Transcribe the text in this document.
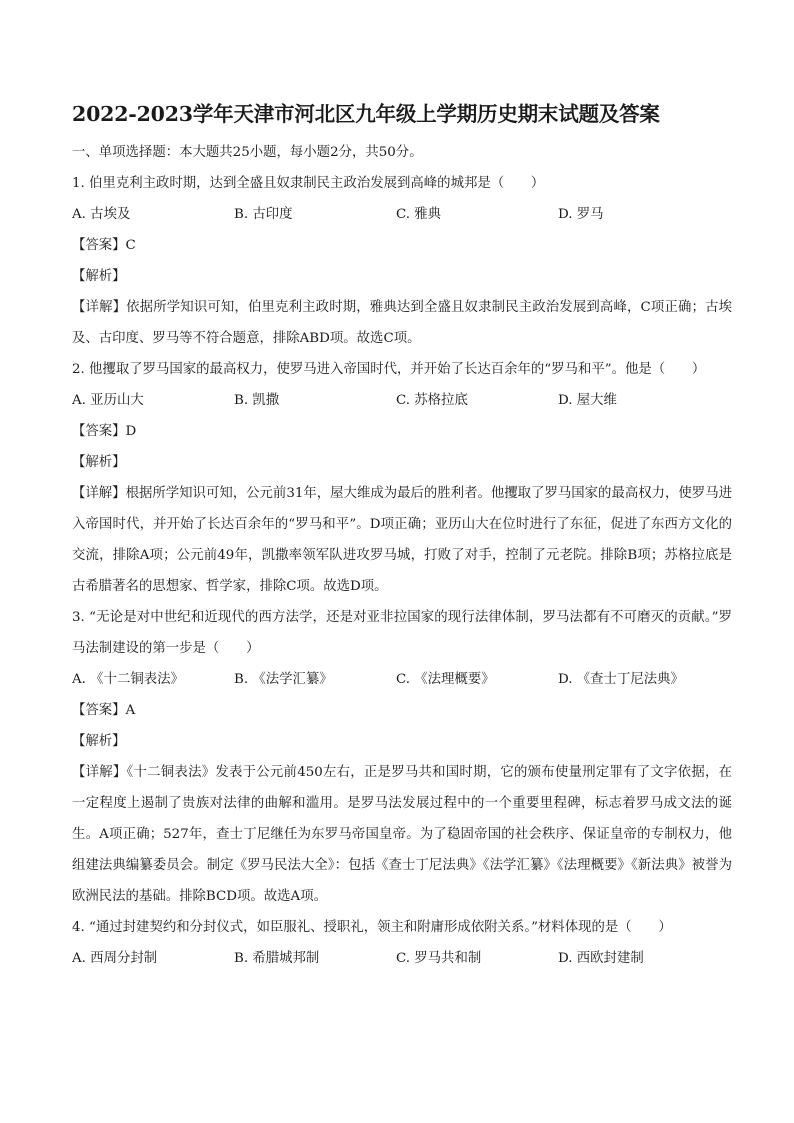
2022-2023学年天津市河北区九年级上学期历史期末试题及答案
一、单项选择题：本大题共25小题，每小题2分，共50分。
1. 伯里克利主政时期，达到全盛且奴隶制民主政治发展到高峰的城邦是（　　）
A. 古埃及	B. 古印度	C. 雅典	D. 罗马
【答案】C
【解析】
【详解】依据所学知识可知，伯里克利主政时期，雅典达到全盛且奴隶制民主政治发展到高峰，C项正确；古埃及、古印度、罗马等不符合题意，排除ABD项。故选C项。
2. 他攫取了罗马国家的最高权力，使罗马进入帝国时代，并开始了长达百余年的“罗马和平”。他是（　　）
A. 亚历山大	B. 凯撒	C. 苏格拉底	D. 屋大维
【答案】D
【解析】
【详解】根据所学知识可知，公元前31年，屋大维成为最后的胜利者。他攫取了罗马国家的最高权力，使罗马进入帝国时代，并开始了长达百余年的“罗马和平”。D项正确；亚历山大在位时进行了东征，促进了东西方文化的交流，排除A项；公元前49年，凯撒率领军队进攻罗马城，打败了对手，控制了元老院。排除B项；苏格拉底是古希腊著名的思想家、哲学家，排除C项。故选D项。
3. “无论是对中世纪和近现代的西方法学，还是对亚非拉国家的现行法律体制，罗马法都有不可磨灭的贡献。”罗马法制建设的第一步是（　　）
A. 《十二铜表法》	B. 《法学汇纂》	C. 《法理概要》	D. 《查士丁尼法典》
【答案】A
【解析】
【详解】《十二铜表法》发表于公元前450左右，正是罗马共和国时期，它的颁布使量刑定罪有了文字依据，在一定程度上遏制了贵族对法律的曲解和滥用。是罗马法发展过程中的一个重要里程碑，标志着罗马成文法的诞生。A项正确；527年，查士丁尼继任为东罗马帝国皇帝。为了稳固帝国的社会秩序、保证皇帝的专制权力，他组建法典编纂委员会。制定《罗马民法大全》：包括《查士丁尼法典》《法学汇纂》《法理概要》《新法典》被誉为欧洲民法的基础。排除BCD项。故选A项。
4. “通过封建契约和分封仪式，如臣服礼、授职礼，领主和附庸形成依附关系。”材料体现的是（　　）
A. 西周分封制	B. 希腊城邦制	C. 罗马共和制	D. 西欧封建制
